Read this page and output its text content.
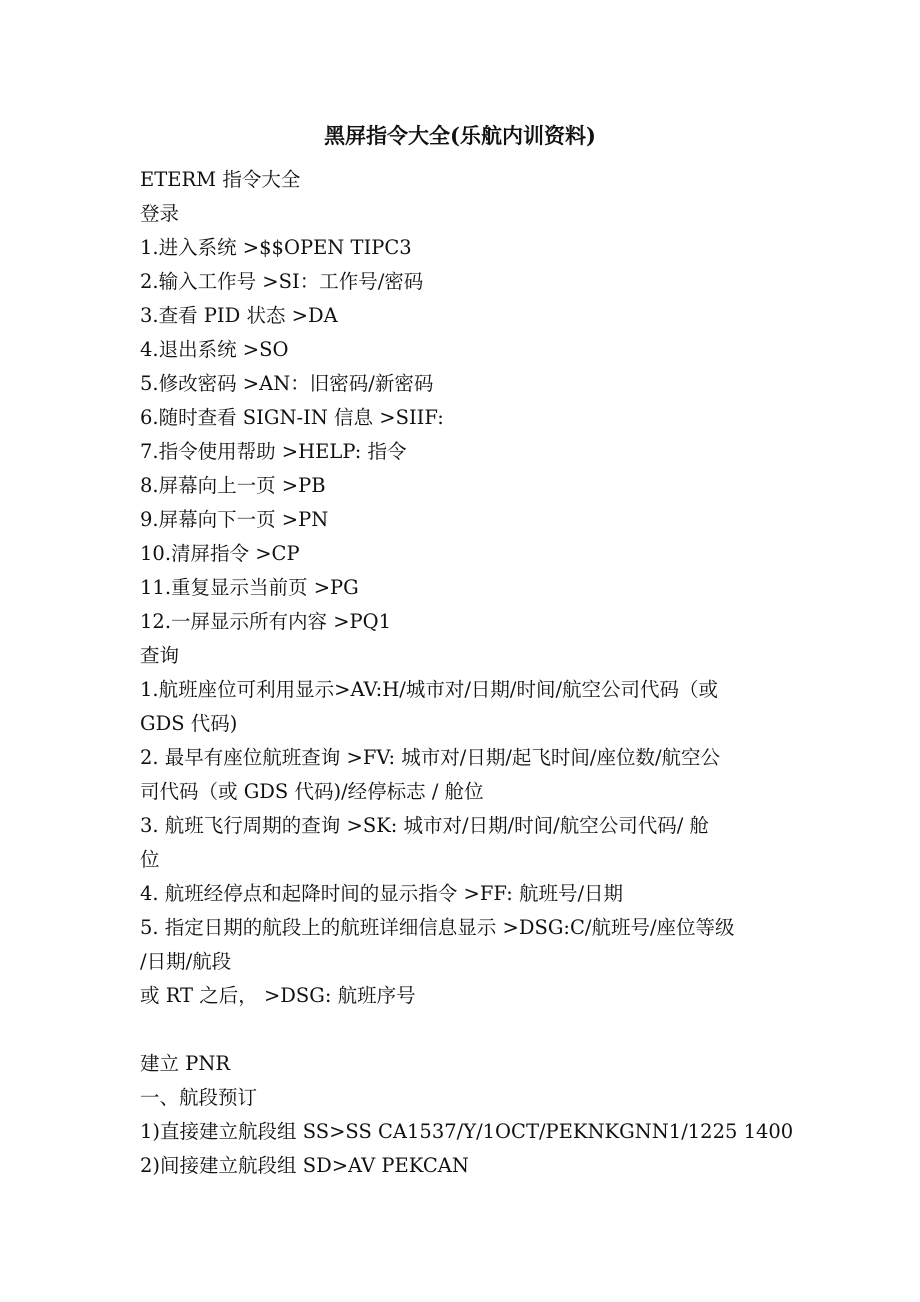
黑屏指令大全(乐航内训资料)
ETERM 指令大全
登录
1.进入系统 >$$OPEN TIPC3
2.输入工作号 >SI：工作号/密码
3.查看 PID 状态 >DA
4.退出系统 >SO
5.修改密码 >AN：旧密码/新密码
6.随时查看 SIGN-IN 信息 >SIIF:
7.指令使用帮助 >HELP: 指令
8.屏幕向上一页 >PB
9.屏幕向下一页 >PN
10.清屏指令 >CP
11.重复显示当前页 >PG
12.一屏显示所有内容 >PQ1
查询
1.航班座位可利用显示>AV:H/城市对/日期/时间/航空公司代码（或
GDS 代码)
2. 最早有座位航班查询 >FV: 城市对/日期/起飞时间/座位数/航空公
司代码（或 GDS 代码)/经停标志 / 舱位
3. 航班飞行周期的查询 >SK: 城市对/日期/时间/航空公司代码/ 舱
位
4. 航班经停点和起降时间的显示指令 >FF: 航班号/日期
5. 指定日期的航段上的航班详细信息显示 >DSG:C/航班号/座位等级
/日期/航段
或 RT 之后， >DSG: 航班序号
建立 PNR
一、航段预订
1)直接建立航段组 SS>SS CA1537/Y/1OCT/PEKNKGNN1/1225 1400
2)间接建立航段组 SD>AV PEKCAN
